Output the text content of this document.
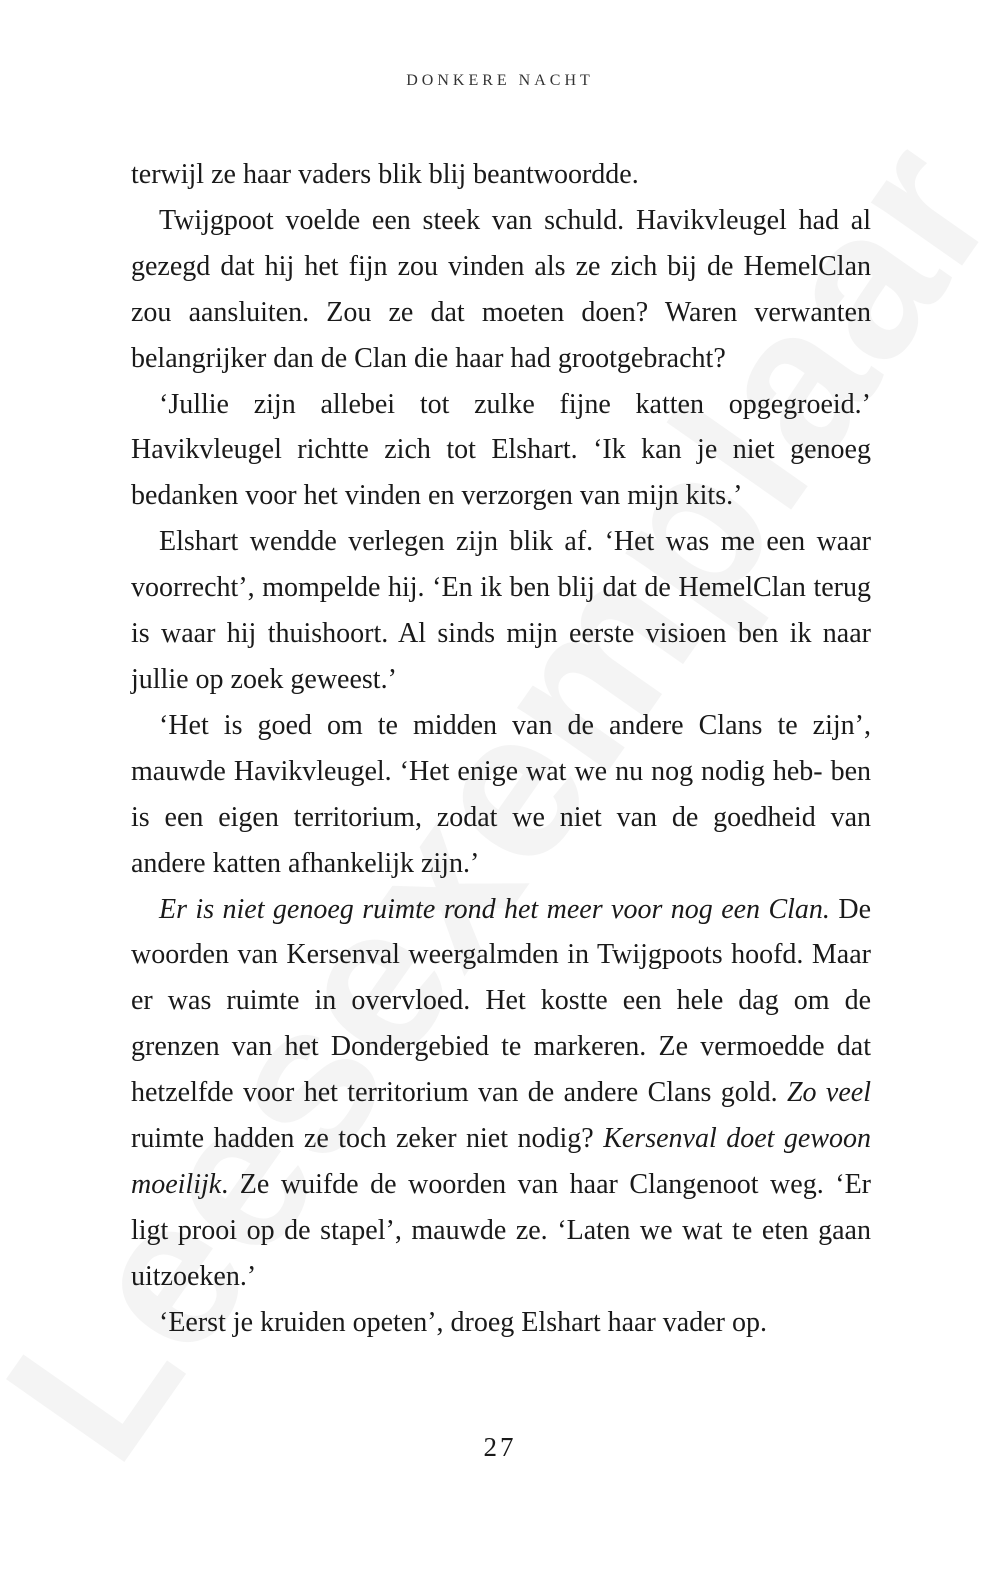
DONKERE NACHT

terwijl ze haar vaders blik blij beantwoordde.

Twijgpoot voelde een steek van schuld. Havikvleugel had al gezegd dat hij het fijn zou vinden als ze zich bij de HemelClan zou aansluiten. Zou ze dat moeten doen? Waren verwanten belangrijker dan de Clan die haar had grootgebracht?

‘Jullie zijn allebei tot zulke fijne katten opgegroeid.’ Havikvleugel richtte zich tot Elshart. ‘Ik kan je niet genoeg bedanken voor het vinden en verzorgen van mijn kits.’

Elshart wendde verlegen zijn blik af. ‘Het was me een waar voorrecht’, mompelde hij. ‘En ik ben blij dat de HemelClan terug is waar hij thuishoort. Al sinds mijn eerste visioen ben ik naar jullie op zoek geweest.’

‘Het is goed om te midden van de andere Clans te zijn’, mauwde Havikvleugel. ‘Het enige wat we nu nog nodig heb- ben is een eigen territorium, zodat we niet van de goedheid van andere katten afhankelijk zijn.’

Er is niet genoeg ruimte rond het meer voor nog een Clan. De woorden van Kersenval weergalmden in Twijgpoots hoofd. Maar er was ruimte in overvloed. Het kostte een hele dag om de grenzen van het Dondergebied te markeren. Ze vermoedde dat hetzelfde voor het territorium van de andere Clans gold. Zo veel ruimte hadden ze toch zeker niet nodig? Kersenval doet gewoon moeilijk. Ze wuifde de woorden van haar Clangenoot weg. ‘Er ligt prooi op de stapel’, mauwde ze. ‘Laten we wat te eten gaan uitzoeken.’

‘Eerst je kruiden opeten’, droeg Elshart haar vader op.

27
